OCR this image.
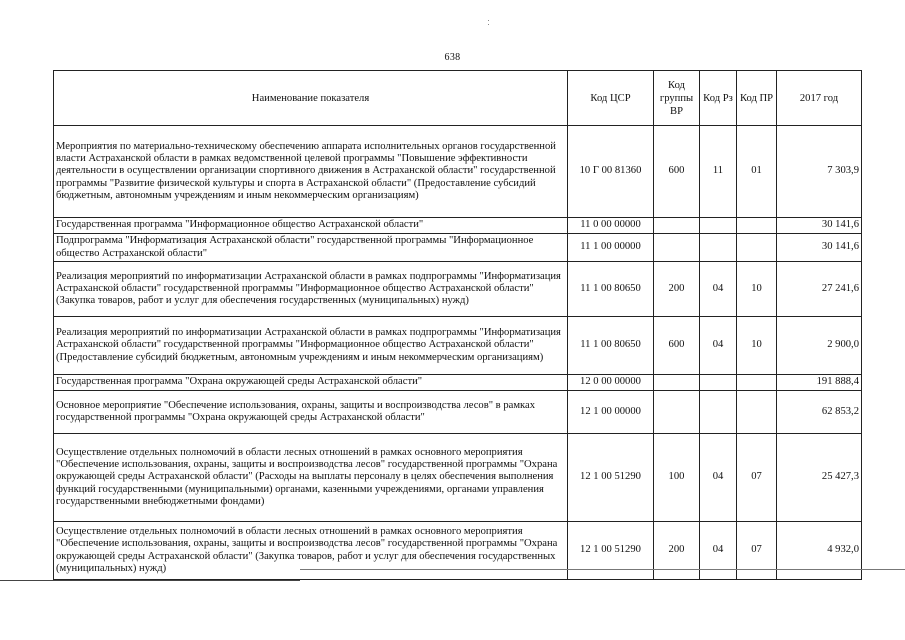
638
Наименование показателя	Код ЦСР	Код группы ВР	Код Рз	Код ПР	2017 год
Мероприятия по материально-техническому обеспечению аппарата исполнительных органов государственной власти Астраханской области в рамках ведомственной целевой программы "Повышение эффективности деятельности в осуществлении организации спортивного движения в Астраханской области" государственной программы "Развитие физической культуры и спорта в Астраханской области" (Предоставление субсидий бюджетным, автономным учреждениям и иным некоммерческим организациям)	10 Г 00 81360	600	11	01	7 303,9
Государственная программа "Информационное общество Астраханской области"	11 0 00 00000				30 141,6
Подпрограмма "Информатизация Астраханской области" государственной программы "Информационное общество Астраханской области"	11 1 00 00000				30 141,6
Реализация мероприятий по информатизации Астраханской области в рамках подпрограммы "Информатизация Астраханской области" государственной программы "Информационное общество Астраханской области" (Закупка товаров, работ и услуг для обеспечения государственных (муниципальных) нужд)	11 1 00 80650	200	04	10	27 241,6
Реализация мероприятий по информатизации Астраханской области в рамках подпрограммы "Информатизация Астраханской области" государственной программы "Информационное общество Астраханской области" (Предоставление субсидий бюджетным, автономным учреждениям и иным некоммерческим организациям)	11 1 00 80650	600	04	10	2 900,0
Государственная программа "Охрана окружающей среды Астраханской области"	12 0 00 00000				191 888,4
Основное мероприятие "Обеспечение использования, охраны, защиты и воспроизводства лесов" в рамках государственной программы "Охрана окружающей среды Астраханской области"	12 1 00 00000				62 853,2
Осуществление отдельных полномочий в области лесных отношений в рамках основного мероприятия "Обеспечение использования, охраны, защиты и воспроизводства лесов" государственной программы "Охрана окружающей среды Астраханской области" (Расходы на выплаты персоналу в целях обеспечения выполнения функций государственными (муниципальными) органами, казенными учреждениями, органами управления государственными внебюджетными фондами)	12 1 00 51290	100	04	07	25 427,3
Осуществление отдельных полномочий в области лесных отношений в рамках основного мероприятия "Обеспечение использования, охраны, защиты и воспроизводства лесов" государственной программы "Охрана окружающей среды Астраханской области" (Закупка товаров, работ и услуг для обеспечения государственных (муниципальных) нужд)	12 1 00 51290	200	04	07	4 932,0
